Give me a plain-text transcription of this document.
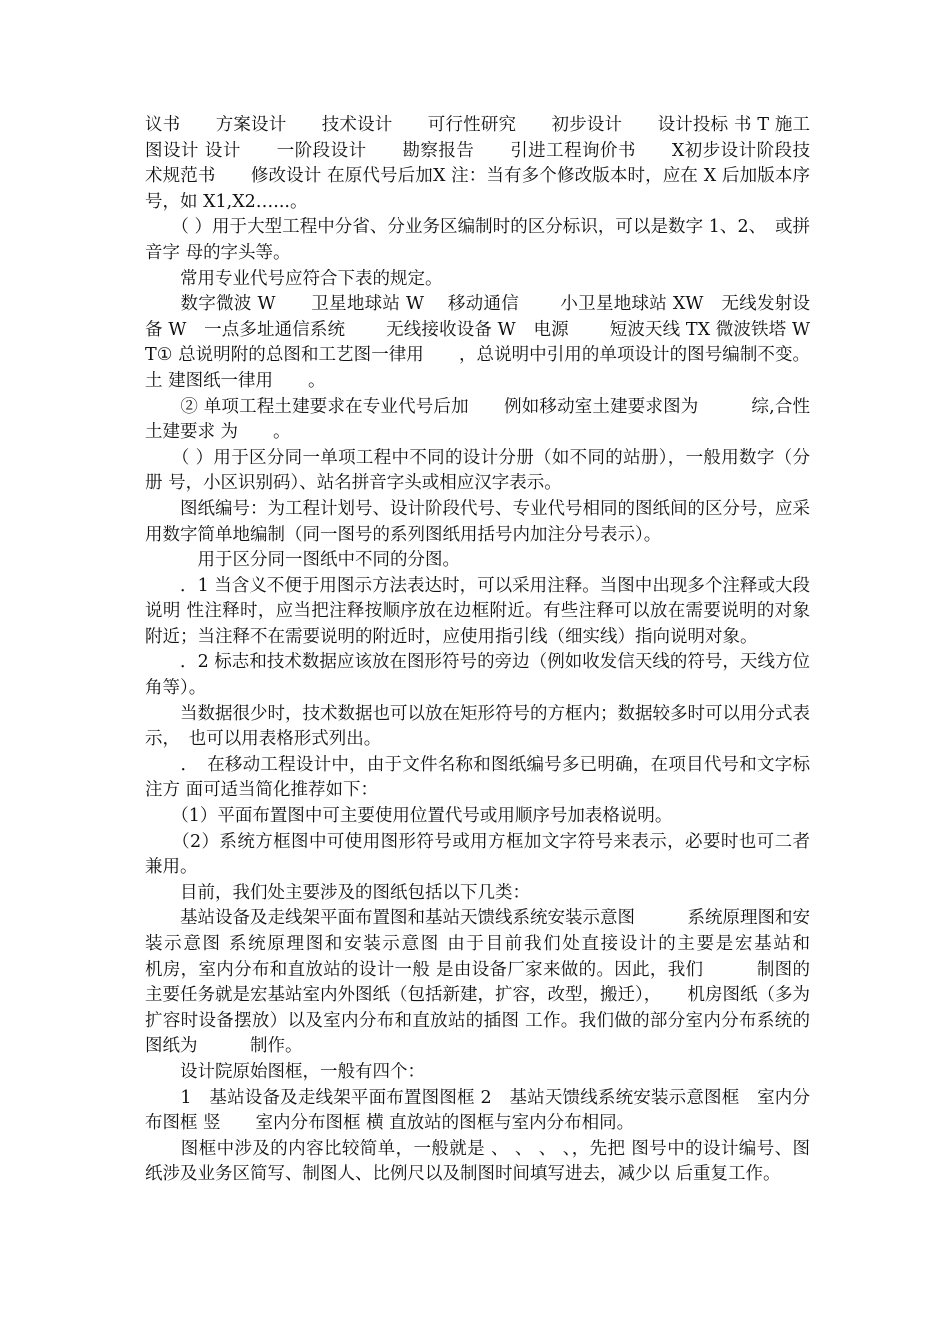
议书　　方案设计　　技术设计　　可行性研究　　初步设计　　设计投标 书 T 施工图设计 设计　　一阶段设计　　勘察报告　　引进工程询价书　　X初步设计阶段技术规范书　　修改设计 在原代号后加X 注：当有多个修改版本时，应在 X 后加版本序号，如 X1,X2…...。

　　（ ）用于大型工程中分省、分业务区编制时的区分标识，可以是数字 1、2、　或拼音字 母的字头等。

　　常用专业代号应符合下表的规定。

　　数字微波 W　　卫星地球站 W　 移动通信　　 小卫星地球站 XW　无线发射设备 W　一点多址通信系统　　 无线接收设备 W　电源　　 短波天线 TX 微波铁塔 WT① 总说明附的总图和工艺图一律用　　，总说明中引用的单项设计的图号编制不变。土 建图纸一律用　　。

　　② 单项工程土建要求在专业代号后加　　例如移动室土建要求图为　　　综,合性土建要求 为　　。

　　（ ）用于区分同一单项工程中不同的设计分册（如不同的站册），一般用数字（分册 号，小区识别码）、站名拼音字头或相应汉字表示。

　　图纸编号：为工程计划号、设计阶段代号、专业代号相同的图纸间的区分号，应采 用数字简单地编制（同一图号的系列图纸用括号内加注分号表示）。

　　　用于区分同一图纸中不同的分图。

　　．1 当含义不便于用图示方法表达时，可以采用注释。当图中出现多个注释或大段说明 性注释时，应当把注释按顺序放在边框附近。有些注释可以放在需要说明的对象附近；当注释不在需要说明的附近时，应使用指引线（细实线）指向说明对象。

　　．2 标志和技术数据应该放在图形符号的旁边（例如收发信天线的符号，天线方位角等）。

　　当数据很少时，技术数据也可以放在矩形符号的方框内；数据较多时可以用分式表示，　也可以用表格形式列出。

　　．　在移动工程设计中，由于文件名称和图纸编号多已明确，在项目代号和文字标注方 面可适当简化推荐如下：

　　（1）平面布置图中可主要使用位置代号或用顺序号加表格说明。

　　（2）系统方框图中可使用图形符号或用方框加文字符号来表示，必要时也可二者兼用。

　　目前，我们处主要涉及的图纸包括以下几类：

　　基站设备及走线架平面布置图和基站天馈线系统安装示意图　　　系统原理图和安装示意图 系统原理图和安装示意图 由于目前我们处直接设计的主要是宏基站和　　　机房，室内分布和直放站的设计一般 是由设备厂家来做的。因此，我们　　　制图的主要任务就是宏基站室内外图纸（包括新建，扩容，改型，搬迁），　　机房图纸（多为扩容时设备摆放）以及室内分布和直放站的插图 工作。我们做的部分室内分布系统的图纸为　　　制作。

　　设计院原始图框，一般有四个：

　　1　基站设备及走线架平面布置图图框 2　基站天馈线系统安装示意图框　室内分布图框 竖　　室内分布图框 横 直放站的图框与室内分布相同。

　　图框中涉及的内容比较简单，一般就是 、 、 、 、，先把 图号中的设计编号、图纸涉及业务区简写、制图人、比例尺以及制图时间填写进去，减少以 后重复工作。
